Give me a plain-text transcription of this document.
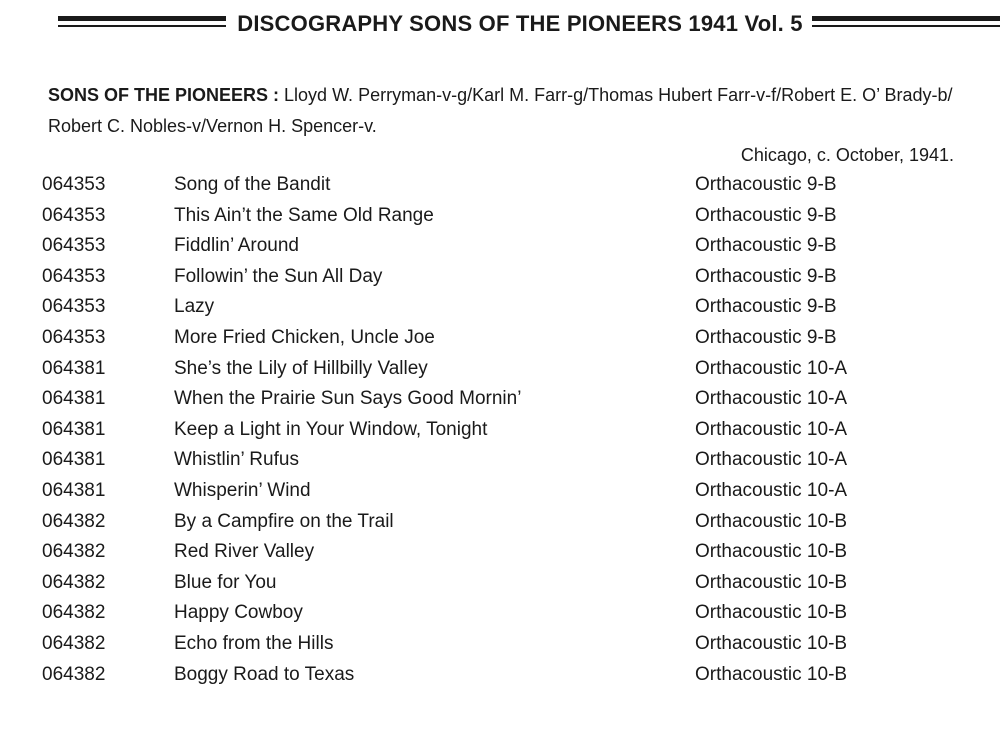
DISCOGRAPHY SONS OF THE PIONEERS 1941 Vol. 5
SONS OF THE PIONEERS : Lloyd W. Perryman-v-g/Karl M. Farr-g/Thomas Hubert Farr-v-f/Robert E. O’ Brady-b/
Robert C. Nobles-v/Vernon H. Spencer-v.
Chicago, c. October, 1941.
064353	Song of the Bandit	Orthacoustic 9-B
064353	This Ain’t the Same Old Range	Orthacoustic 9-B
064353	Fiddlin’ Around	Orthacoustic 9-B
064353	Followin’ the Sun All Day	Orthacoustic 9-B
064353	Lazy	Orthacoustic 9-B
064353	More Fried Chicken, Uncle Joe	Orthacoustic 9-B
064381	She’s the Lily of Hillbilly Valley	Orthacoustic 10-A
064381	When the Prairie Sun Says Good Mornin’	Orthacoustic 10-A
064381	Keep a Light in Your Window, Tonight	Orthacoustic 10-A
064381	Whistlin’ Rufus	Orthacoustic 10-A
064381	Whisperin’ Wind	Orthacoustic 10-A
064382	By a Campfire on the Trail	Orthacoustic 10-B
064382	Red River Valley	Orthacoustic 10-B
064382	Blue for You	Orthacoustic 10-B
064382	Happy Cowboy	Orthacoustic 10-B
064382	Echo from the Hills	Orthacoustic 10-B
064382	Boggy Road to Texas	Orthacoustic 10-B
